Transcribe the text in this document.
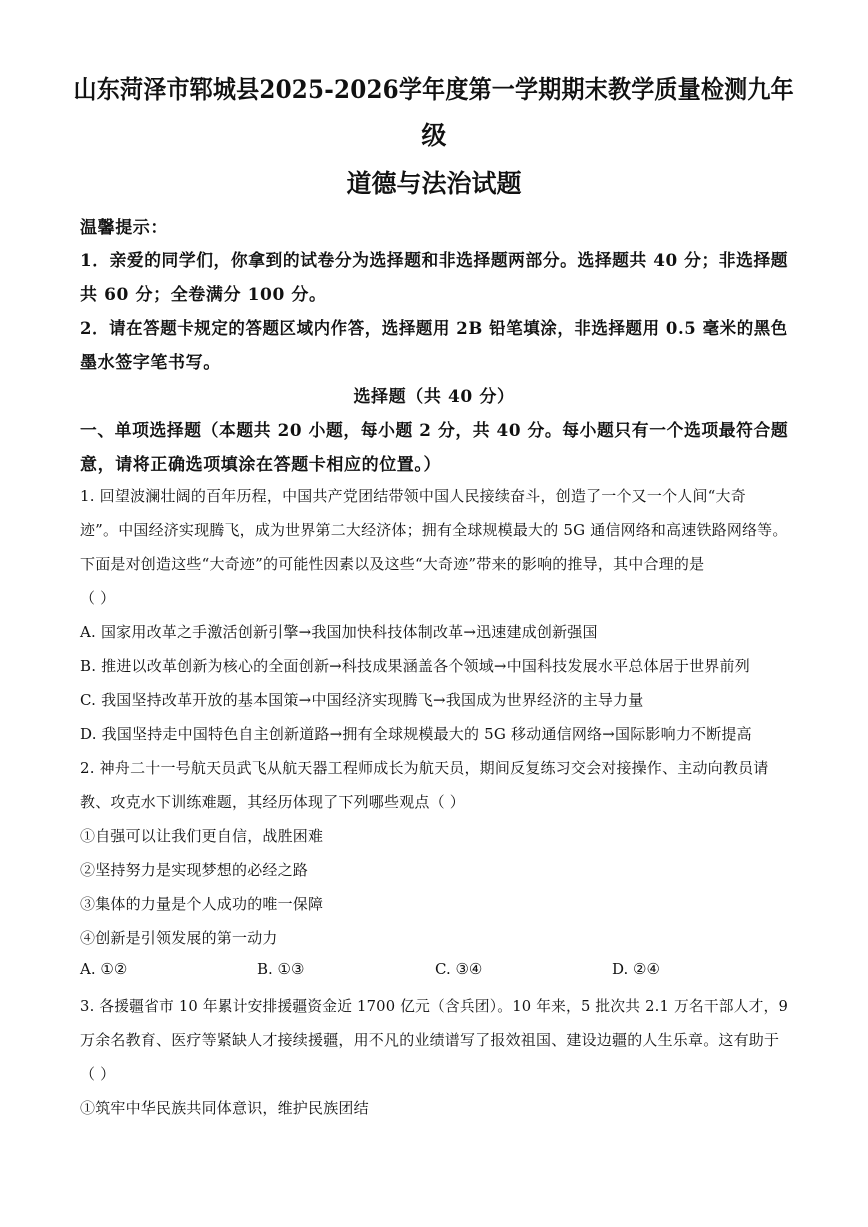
山东菏泽市郓城县2025-2026学年度第一学期期末教学质量检测九年
级
道德与法治试题
温馨提示：
1．亲爱的同学们，你拿到的试卷分为选择题和非选择题两部分。选择题共 40 分；非选择题
共 60 分；全卷满分 100 分。
2．请在答题卡规定的答题区域内作答，选择题用 2B 铅笔填涂，非选择题用 0.5 毫米的黑色
墨水签字笔书写。
选择题（共 40 分）
一、单项选择题（本题共 20 小题，每小题 2 分，共 40 分。每小题只有一个选项最符合题
意，请将正确选项填涂在答题卡相应的位置。）
1. 回望波澜壮阔的百年历程，中国共产党团结带领中国人民接续奋斗，创造了一个又一个人间“大奇
迹”。中国经济实现腾飞，成为世界第二大经济体；拥有全球规模最大的 5G 通信网络和高速铁路网络等。
下面是对创造这些“大奇迹”的可能性因素以及这些“大奇迹”带来的影响的推导，其中合理的是
（ ）
A. 国家用改革之手激活创新引擎→我国加快科技体制改革→迅速建成创新强国
B. 推进以改革创新为核心的全面创新→科技成果涵盖各个领域→中国科技发展水平总体居于世界前列
C. 我国坚持改革开放的基本国策→中国经济实现腾飞→我国成为世界经济的主导力量
D. 我国坚持走中国特色自主创新道路→拥有全球规模最大的 5G 移动通信网络→国际影响力不断提高
2. 神舟二十一号航天员武飞从航天器工程师成长为航天员，期间反复练习交会对接操作、主动向教员请
教、攻克水下训练难题，其经历体现了下列哪些观点（ ）
①自强可以让我们更自信，战胜困难
②坚持努力是实现梦想的必经之路
③集体的力量是个人成功的唯一保障
④创新是引领发展的第一动力
A. ①②	B. ①③	C. ③④	D. ②④
3. 各援疆省市 10 年累计安排援疆资金近 1700 亿元（含兵团）。10 年来，5 批次共 2.1 万名干部人才，9
万余名教育、医疗等紧缺人才接续援疆，用不凡的业绩谱写了报效祖国、建设边疆的人生乐章。这有助于
（ ）
①筑牢中华民族共同体意识，维护民族团结
